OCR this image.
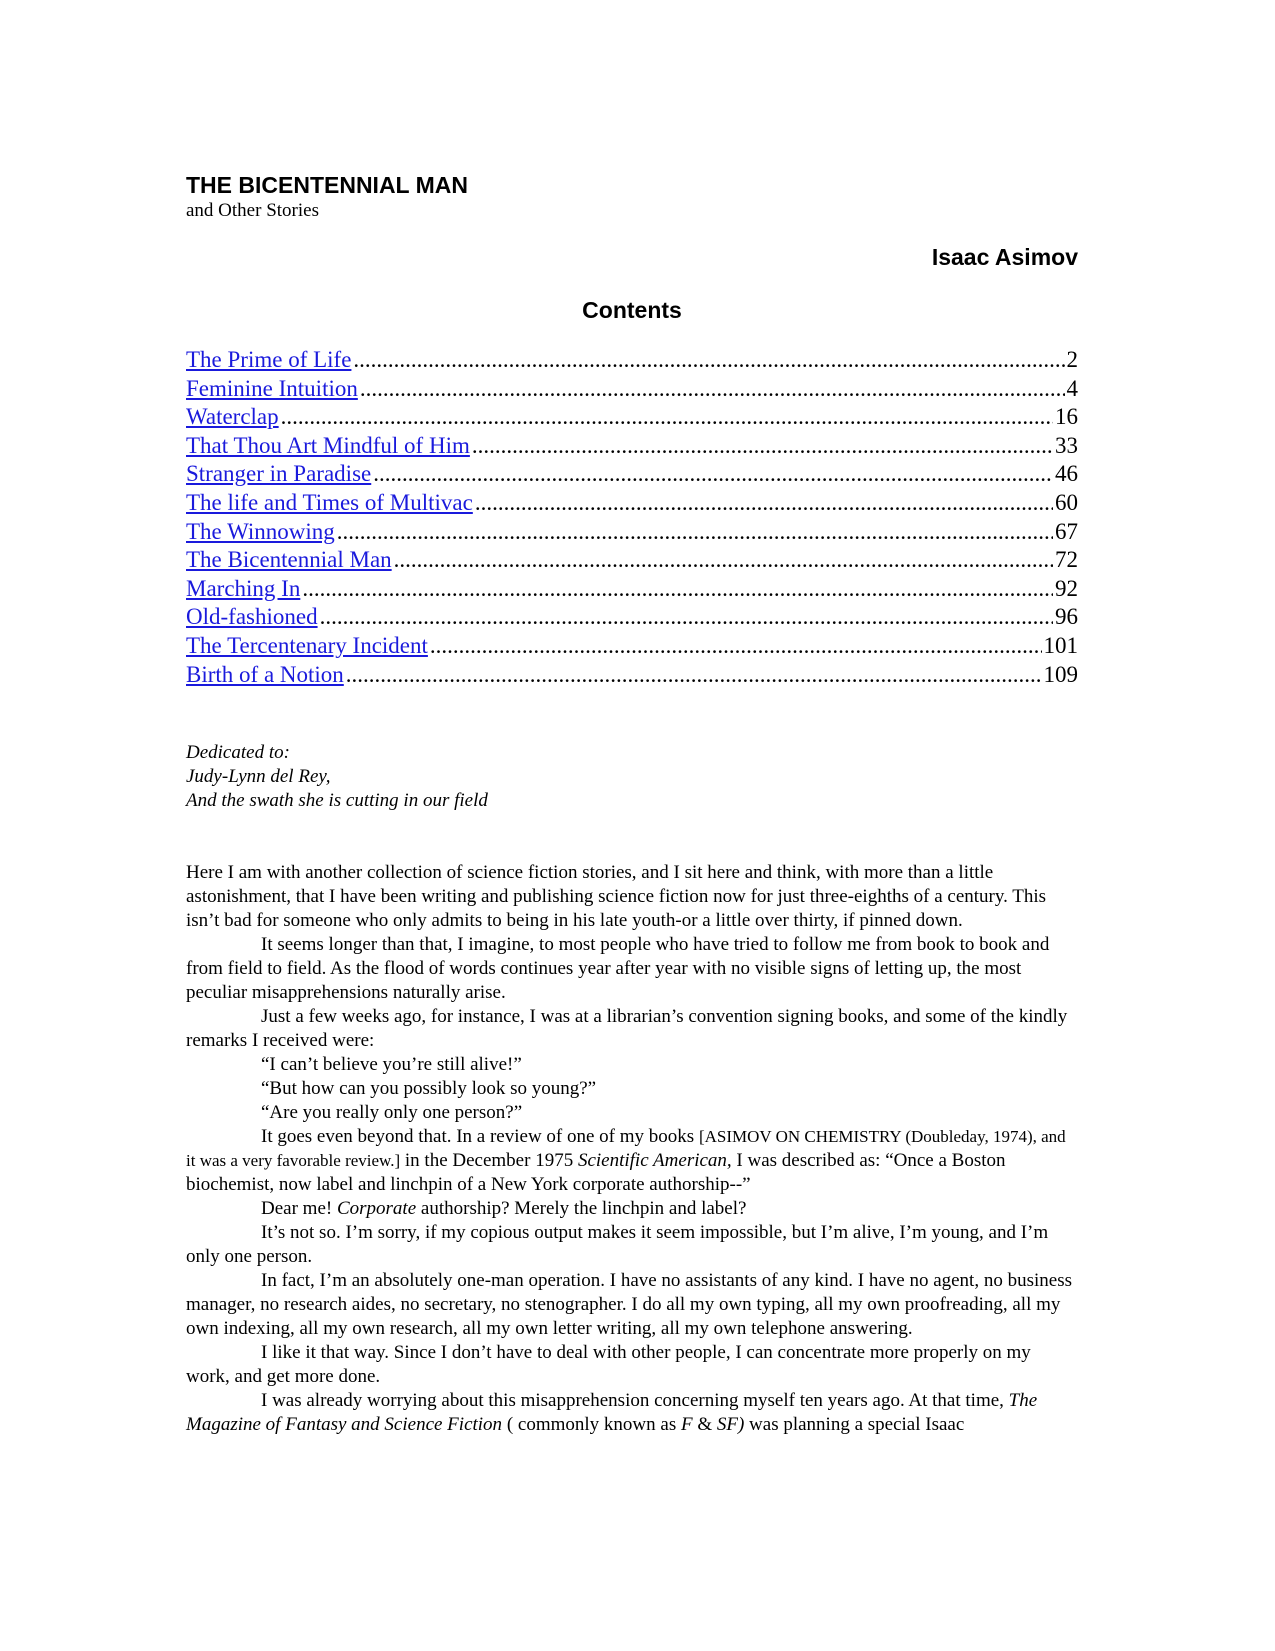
THE BICENTENNIAL MAN
and Other Stories
Isaac Asimov
Contents
The Prime of Life .....	2
Feminine Intuition .....	4
Waterclap .....	16
That Thou Art Mindful of Him .....	33
Stranger in Paradise .....	46
The life and Times of Multivac .....	60
The Winnowing .....	67
The Bicentennial Man .....	72
Marching In .....	92
Old-fashioned .....	96
The Tercentenary Incident .....	101
Birth of a Notion .....	109
Dedicated to:
Judy-Lynn del Rey,
And the swath she is cutting in our field

Here I am with another collection of science fiction stories, and I sit here and think, with more than a little astonishment, that I have been writing and publishing science fiction now for just three-eighths of a century. This isn’t bad for someone who only admits to being in his late youth-or a little over thirty, if pinned down.

It seems longer than that, I imagine, to most people who have tried to follow me from book to book and from field to field. As the flood of words continues year after year with no visible signs of letting up, the most peculiar misapprehensions naturally arise.

Just a few weeks ago, for instance, I was at a librarian’s convention signing books, and some of the kindly remarks I received were:

“I can’t believe you’re still alive!”

“But how can you possibly look so young?”

“Are you really only one person?”

It goes even beyond that. In a review of one of my books [ASIMOV ON CHEMISTRY (Doubleday, 1974), and it was a very favorable review.] in the December 1975 Scientific American, I was described as: “Once a Boston biochemist, now label and linchpin of a New York corporate authorship--”

Dear me! Corporate authorship? Merely the linchpin and label?

It’s not so. I’m sorry, if my copious output makes it seem impossible, but I’m alive, I’m young, and I’m only one person.

In fact, I’m an absolutely one-man operation. I have no assistants of any kind. I have no agent, no business manager, no research aides, no secretary, no stenographer. I do all my own typing, all my own proofreading, all my own indexing, all my own research, all my own letter writing, all my own telephone answering.

I like it that way. Since I don’t have to deal with other people, I can concentrate more properly on my work, and get more done.

I was already worrying about this misapprehension concerning myself ten years ago. At that time, The Magazine of Fantasy and Science Fiction ( commonly known as F & SF) was planning a special Isaac
